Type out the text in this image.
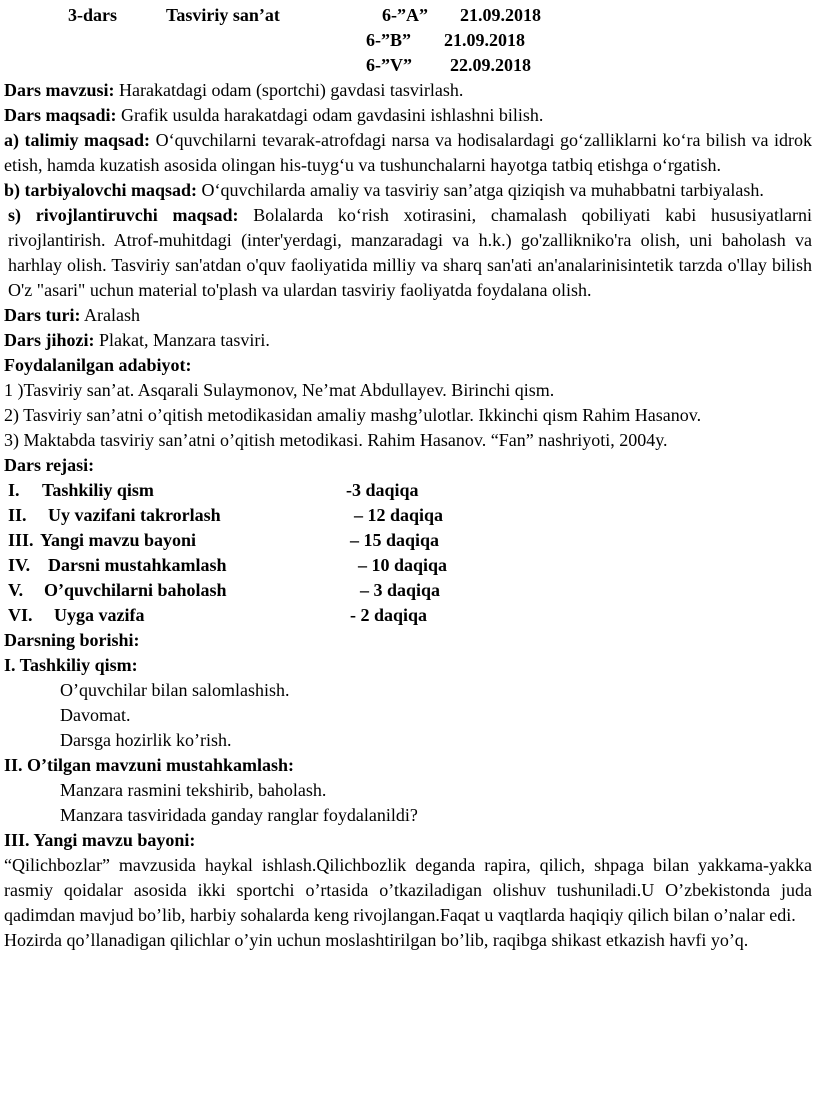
3-dars	Tasviriy san’at	6-”A” 21.09.2018
6-”B” 21.09.2018
6-”V” 22.09.2018

Dars mavzusi: Harakatdagi odam (sportchi) gavdasi tasvirlash.

Dars maqsadi: Grafik usulda harakatdagi odam gavdasini ishlashni bilish.

a) talimiy maqsad: O‘quvchilarni tevarak-atrofdagi narsa va hodisalardagi go‘zalliklarni ko‘ra bilish va idrok etish, hamda kuzatish asosida olingan his-tuyg‘u va tushunchalarni hayotga tatbiq etishga o‘rgatish.

b) tarbiyalovchi maqsad: O‘quvchilarda amaliy va tasviriy san’atga qiziqish va muhabbatni tarbiyalash.

s) rivojlantiruvchi maqsad: Bolalarda ko‘rish xotirasini, chamalash qobiliyati kabi hususiyatlarni rivojlantirish. Atrof-muhitdagi (inter'yerdagi, manzaradagi va h.k.) go'zallikniko'ra olish, uni baholash va harhlay olish. Tasviriy san'atdan o'quv faoliyatida milliy va sharq san'ati an'analarinisintetik tarzda o'llay bilish O'z "asari" uchun material to'plash va ulardan tasviriy faoliyatda foydalana olish.

Dars turi: Aralash

Dars jihozi: Plakat, Manzara tasviri.

Foydalanilgan adabiyot:

1 )Tasviriy san’at. Asqarali Sulaymonov, Ne’mat Abdullayev. Birinchi qism.

2) Tasviriy san’atni o’qitish metodikasidan amaliy mashg’ulotlar. Ikkinchi qism Rahim Hasanov.

3) Maktabda tasviriy san’atni o’qitish metodikasi. Rahim Hasanov. “Fan” nashriyoti, 2004y.

Dars rejasi:

I. Tashkiliy qism	-3 daqiqa
II. Uy vazifani takrorlash	– 12 daqiqa
III. Yangi mavzu bayoni	– 15 daqiqa
IV. Darsni mustahkamlash	– 10 daqiqa
V. O’quvchilarni baholash	– 3 daqiqa
VI. Uyga vazifa	- 2 daqiqa

Darsning borishi:

I. Tashkiliy qism:

O’quvchilar bilan salomlashish.

Davomat.

Darsga hozirlik ko’rish.

II. O’tilgan mavzuni mustahkamlash:

Manzara rasmini tekshirib, baholash.

Manzara tasviridada ganday ranglar foydalanildi?

III. Yangi mavzu bayoni:

“Qilichbozlar” mavzusida haykal ishlash.Qilichbozlik deganda rapira, qilich, shpaga bilan yakkama-yakka rasmiy qoidalar asosida ikki sportchi o’rtasida o’tkaziladigan olishuv tushuniladi.U O’zbekistonda juda qadimdan mavjud bo’lib, harbiy sohalarda keng rivojlangan.Faqat u vaqtlarda haqiqiy qilich bilan o’nalar edi.

Hozirda qo’llanadigan qilichlar o’yin uchun moslashtirilgan bo’lib, raqibga shikast etkazish havfi yo’q.
